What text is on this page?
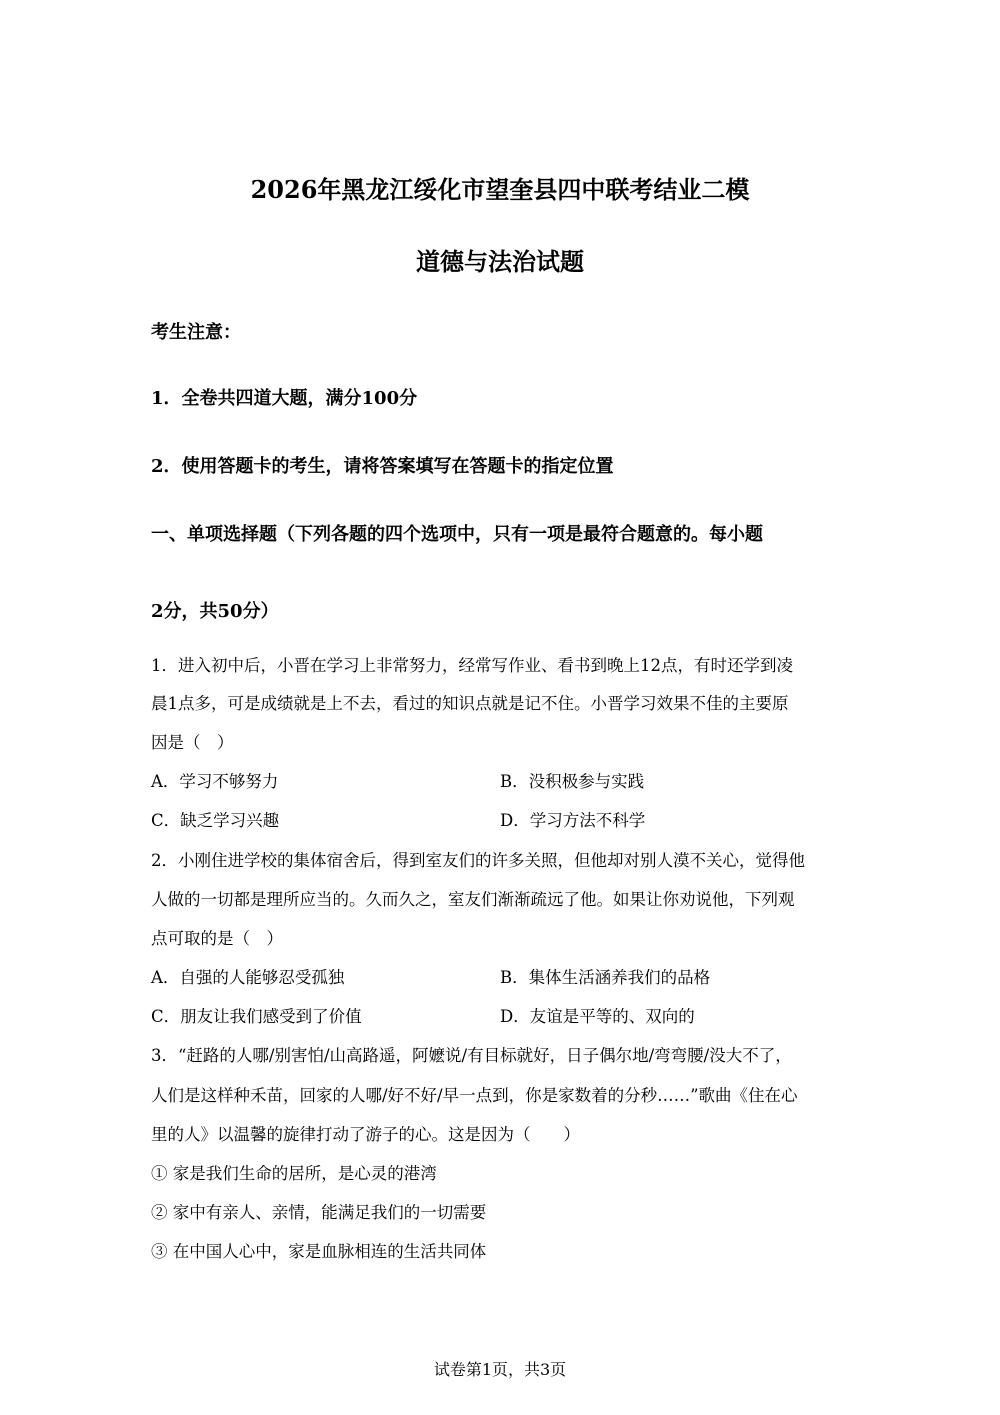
2026年黑龙江绥化市望奎县四中联考结业二模
道德与法治试题
考生注意：
1．全卷共四道大题，满分100分
2．使用答题卡的考生，请将答案填写在答题卡的指定位置
一、单项选择题（下列各题的四个选项中，只有一项是最符合题意的。每小题
2分，共50分）
1．进入初中后，小晋在学习上非常努力，经常写作业、看书到晚上12点，有时还学到凌
晨1点多，可是成绩就是上不去，看过的知识点就是记不住。小晋学习效果不佳的主要原
因是（　）
A．学习不够努力	B．没积极参与实践
C．缺乏学习兴趣	D．学习方法不科学
2．小刚住进学校的集体宿舍后，得到室友们的许多关照，但他却对别人漠不关心，觉得他
人做的一切都是理所应当的。久而久之，室友们渐渐疏远了他。如果让你劝说他，下列观
点可取的是（　）
A．自强的人能够忍受孤独	B．集体生活涵养我们的品格
C．朋友让我们感受到了价值	D．友谊是平等的、双向的
3．“赶路的人哪/别害怕/山高路遥，阿嬷说/有目标就好，日子偶尔地/弯弯腰/没大不了，
人们是这样种禾苗，回家的人哪/好不好/早一点到，你是家数着的分秒……”歌曲《住在心
里的人》以温馨的旋律打动了游子的心。这是因为（　　）
① 家是我们生命的居所，是心灵的港湾
② 家中有亲人、亲情，能满足我们的一切需要
③ 在中国人心中，家是血脉相连的生活共同体
试卷第1页，共3页
